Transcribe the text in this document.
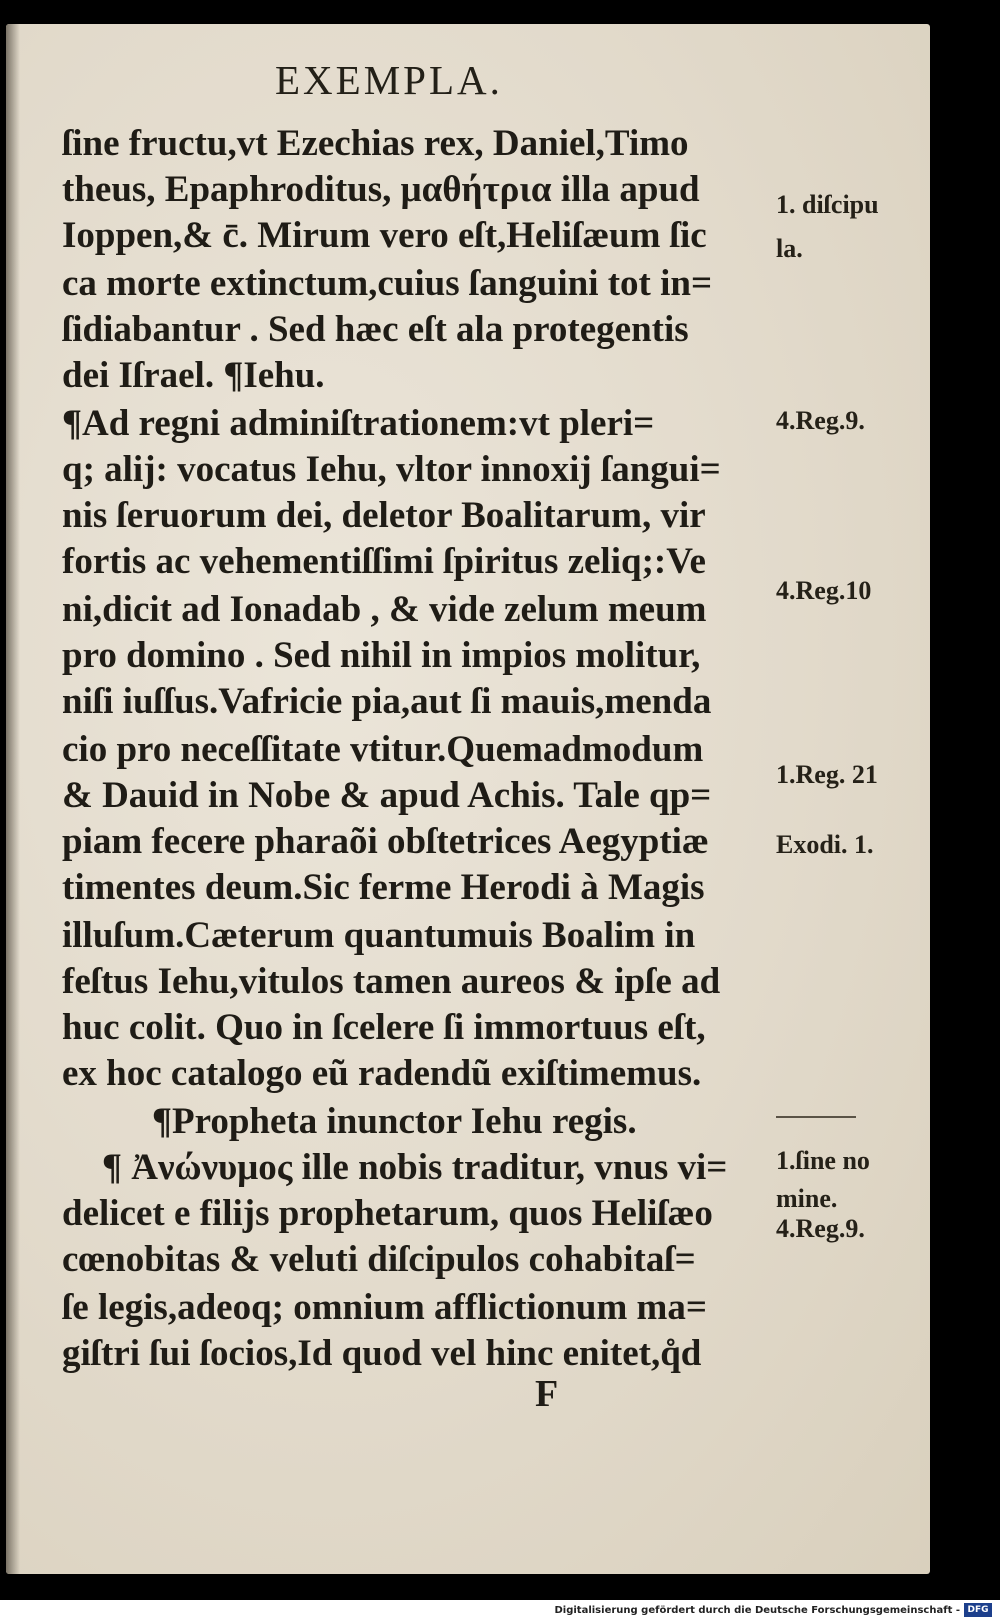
EXEMPLA.
ſine fructu,vt Ezechias rex, Daniel,Timo
theus, Epaphroditus, μαθήτρια illa apud
Ioppen,& c̄. Mirum vero eſt,Heliſæum ſic
ca morte extinctum,cuius ſanguini tot in=
ſidiabantur . Sed hæc eſt ala protegentis
dei Iſrael. ¶Iehu.
¶Ad regni adminiſtrationem:vt pleri=
q; alij: vocatus Iehu, vltor innoxij ſangui=
nis ſeruorum dei, deletor Boalitarum, vir
fortis ac vehementiſſimi ſpiritus zeliq;:Ve
ni,dicit ad Ionadab , & vide zelum meum
pro domino . Sed nihil in impios molitur,
niſi iuſſus.Vafricie pia,aut ſi mauis,menda
cio pro neceſſitate vtitur.Quemadmodum
& Dauid in Nobe & apud Achis. Tale qp=
piam fecere pharaõi obſtetrices Aegyptiæ
timentes deum.Sic ferme Herodi à Magis
illuſum.Cæterum quantumuis Boalim in
feſtus Iehu,vitulos tamen aureos & ipſe ad
huc colit. Quo in ſcelere ſi immortuus eſt,
ex hoc catalogo eũ radendũ exiſtimemus.
¶Propheta inunctor Iehu regis.
¶ Ἀνώνυμος ille nobis traditur, vnus vi=
delicet e filijs prophetarum, quos Heliſæo
cœnobitas & veluti diſcipulos cohabitaſ=
ſe legis,adeoq; omnium afflictionum ma=
giſtri ſui ſocios,Id quod vel hinc enitet,q̊d
1. diſcipu
la.
4.Reg.9.
4.Reg.10
1.Reg. 21
Exodi. 1.
1.ſine no
mine.
4.Reg.9.
F
Digitalisierung gefördert durch die Deutsche Forschungsgemeinschaft - DFG
